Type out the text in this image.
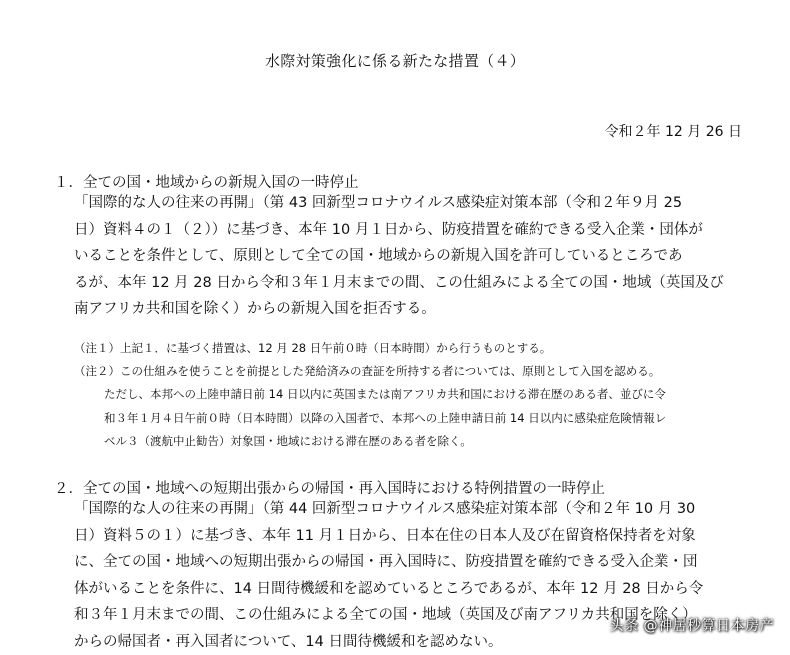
水際対策強化に係る新たな措置（４）
令和２年 12 月 26 日
１．全ての国・地域からの新規入国の一時停止
「国際的な人の往来の再開」（第 43 回新型コロナウイルス感染症対策本部（令和２年９月 25
日）資料４の１（２））に基づき、本年 10 月１日から、防疫措置を確約できる受入企業・団体が
いることを条件として、原則として全ての国・地域からの新規入国を許可しているところであ
るが、本年 12 月 28 日から令和３年１月末までの間、この仕組みによる全ての国・地域（英国及び
南アフリカ共和国を除く）からの新規入国を拒否する。
（注１）上記１．に基づく措置は、12 月 28 日午前０時（日本時間）から行うものとする。
（注２）この仕組みを使うことを前提とした発給済みの査証を所持する者については、原則として入国を認める。
ただし、本邦への上陸申請日前 14 日以内に英国または南アフリカ共和国における滞在歴のある者、並びに令
和３年１月４日午前０時（日本時間）以降の入国者で、本邦への上陸申請日前 14 日以内に感染症危険情報レ
ベル３（渡航中止勧告）対象国・地域における滞在歴のある者を除く。
２．全ての国・地域への短期出張からの帰国・再入国時における特例措置の一時停止
「国際的な人の往来の再開」（第 44 回新型コロナウイルス感染症対策本部（令和２年 10 月 30
日）資料５の１）に基づき、本年 11 月１日から、日本在住の日本人及び在留資格保持者を対象
に、全ての国・地域への短期出張からの帰国・再入国時に、防疫措置を確約できる受入企業・団
体がいることを条件に、14 日間待機緩和を認めているところであるが、本年 12 月 28 日から令
和３年１月末までの間、この仕組みによる全ての国・地域（英国及び南アフリカ共和国を除く）
からの帰国者・再入国者について、14 日間待機緩和を認めない。
头条 @神居秒算日本房产
